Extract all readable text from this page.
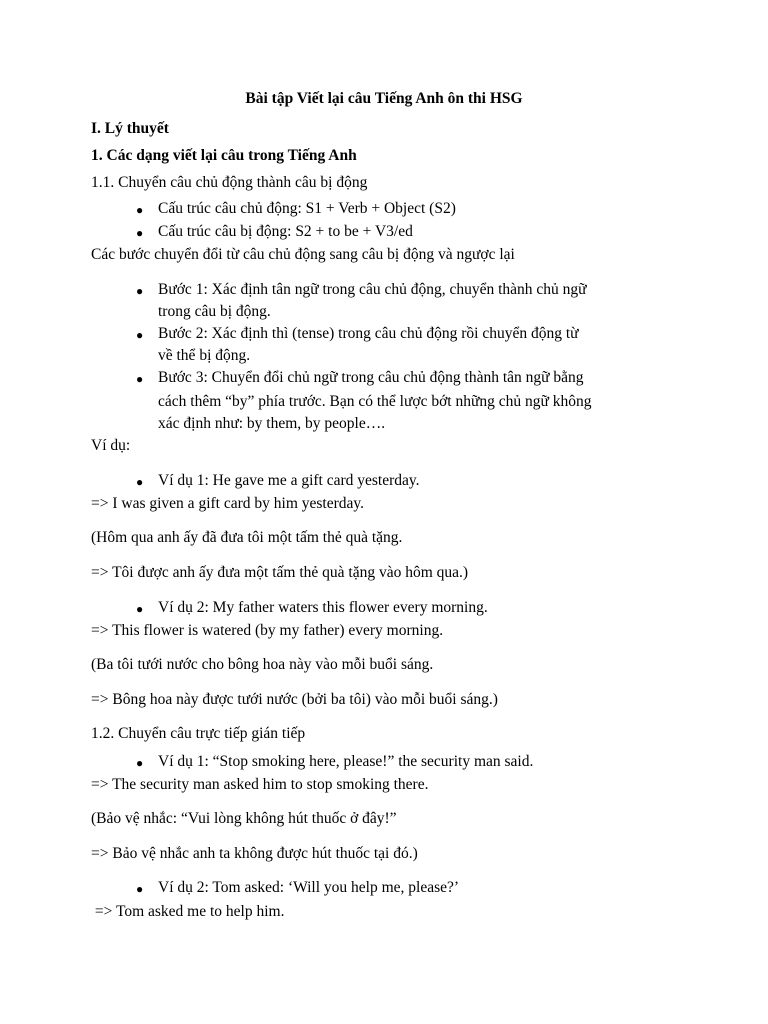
Bài tập Viết lại câu Tiếng Anh ôn thi HSG
I. Lý thuyết
1. Các dạng viết lại câu trong Tiếng Anh
1.1. Chuyển câu chủ động thành câu bị động
● Cấu trúc câu chủ động: S1 + Verb + Object (S2)
● Cấu trúc câu bị động: S2 + to be + V3/ed
Các bước chuyển đổi từ câu chủ động sang câu bị động và ngược lại
● Bước 1: Xác định tân ngữ trong câu chủ động, chuyển thành chủ ngữ
trong câu bị động.
● Bước 2: Xác định thì (tense) trong câu chủ động rồi chuyển động từ
về thể bị động.
● Bước 3: Chuyển đổi chủ ngữ trong câu chủ động thành tân ngữ bằng
cách thêm “by” phía trước. Bạn có thể lược bớt những chủ ngữ không
xác định như: by them, by people….
Ví dụ:
● Ví dụ 1: He gave me a gift card yesterday.
=> I was given a gift card by him yesterday.
(Hôm qua anh ấy đã đưa tôi một tấm thẻ quà tặng.
=> Tôi được anh ấy đưa một tấm thẻ quà tặng vào hôm qua.)
● Ví dụ 2: My father waters this flower every morning.
=> This flower is watered (by my father) every morning.
(Ba tôi tưới nước cho bông hoa này vào mỗi buổi sáng.
=> Bông hoa này được tưới nước (bởi ba tôi) vào mỗi buổi sáng.)
1.2. Chuyển câu trực tiếp gián tiếp
● Ví dụ 1: “Stop smoking here, please!” the security man said.
=> The security man asked him to stop smoking there.
(Bảo vệ nhắc: “Vui lòng không hút thuốc ở đây!”
=> Bảo vệ nhắc anh ta không được hút thuốc tại đó.)
● Ví dụ 2: Tom asked: ‘Will you help me, please?’
=> Tom asked me to help him.
